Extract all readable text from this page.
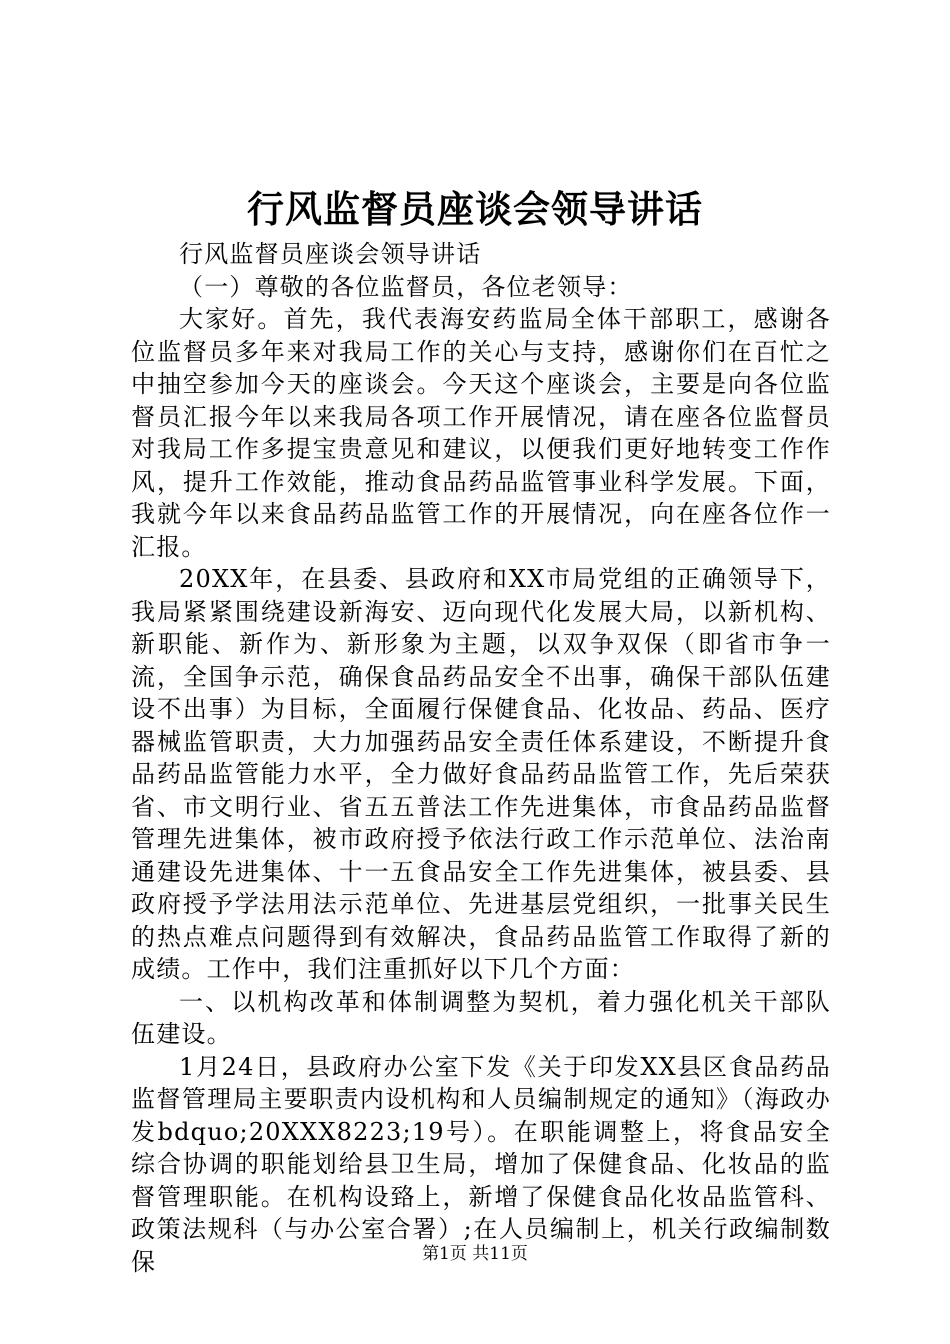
行风监督员座谈会领导讲话

行风监督员座谈会领导讲话

（一）尊敬的各位监督员，各位老领导：

大家好。首先，我代表海安药监局全体干部职工，感谢各位监督员多年来对我局工作的关心与支持，感谢你们在百忙之中抽空参加今天的座谈会。今天这个座谈会，主要是向各位监督员汇报今年以来我局各项工作开展情况，请在座各位监督员对我局工作多提宝贵意见和建议，以便我们更好地转变工作作风，提升工作效能，推动食品药品监管事业科学发展。下面，我就今年以来食品药品监管工作的开展情况，向在座各位作一汇报。

20XX年，在县委、县政府和XX市局党组的正确领导下，我局紧紧围绕建设新海安、迈向现代化发展大局，以新机构、新职能、新作为、新形象为主题，以双争双保（即省市争一流，全国争示范，确保食品药品安全不出事，确保干部队伍建设不出事）为目标，全面履行保健食品、化妆品、药品、医疗器械监管职责，大力加强药品安全责任体系建设，不断提升食品药品监管能力水平，全力做好食品药品监管工作，先后荣获省、市文明行业、省五五普法工作先进集体，市食品药品监督管理先进集体，被市政府授予依法行政工作示范单位、法治南通建设先进集体、十一五食品安全工作先进集体，被县委、县政府授予学法用法示范单位、先进基层党组织，一批事关民生的热点难点问题得到有效解决，食品药品监管工作取得了新的成绩。工作中，我们注重抓好以下几个方面：

一、以机构改革和体制调整为契机，着力强化机关干部队伍建设。

1月24日，县政府办公室下发《关于印发XX县区食品药品监督管理局主要职责内设机构和人员编制规定的通知》（海政办发bdquo;20XXX8223;19号）。在职能调整上，将食品安全综合协调的职能划给县卫生局，增加了保健食品、化妆品的监督管理职能。在机构设臵上，新增了保健食品化妆品监管科、政策法规科（与办公室合署）;在人员编制上，机关行政编制数保	第1页 共11页
